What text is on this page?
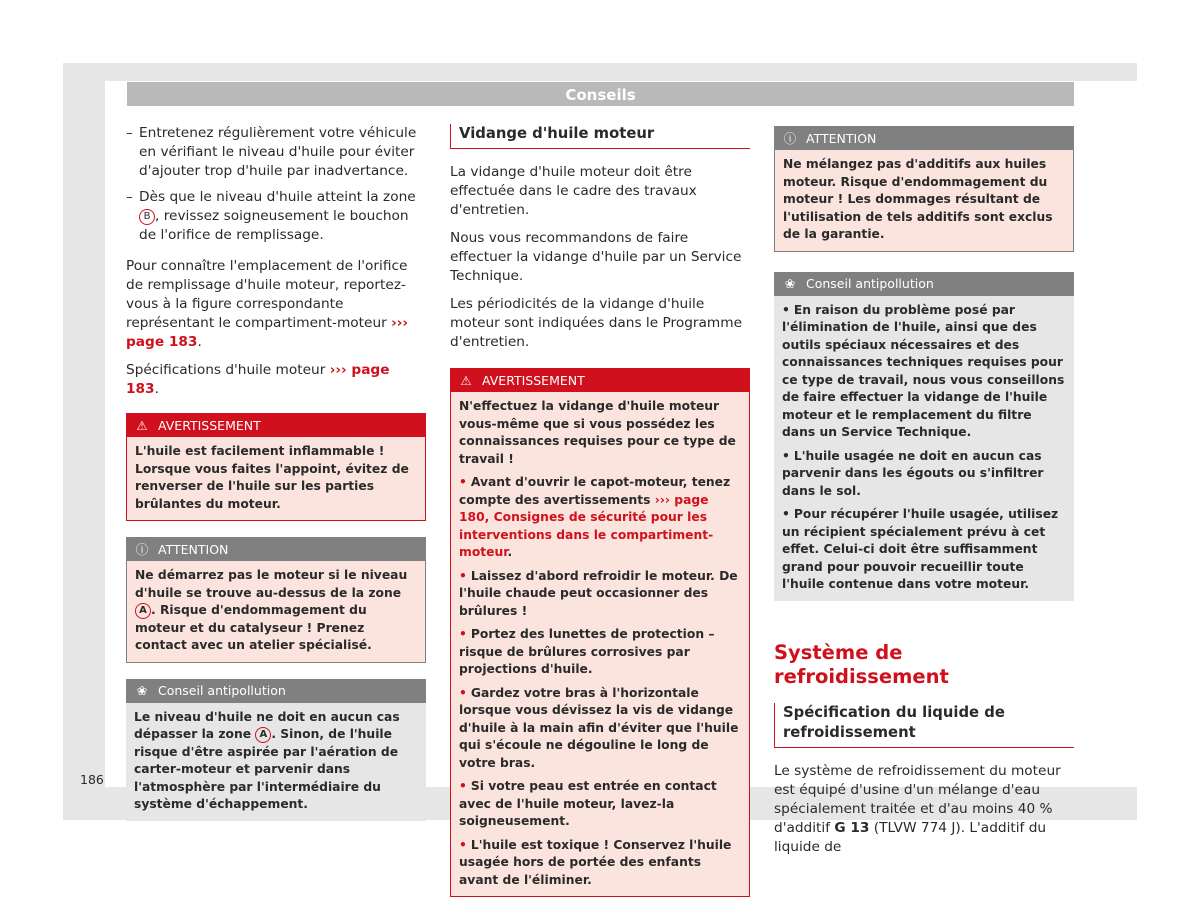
Conseils
– Entretenez régulièrement votre véhicule en vérifiant le niveau d'huile pour éviter d'ajouter trop d'huile par inadvertance.
– Dès que le niveau d'huile atteint la zone B , revissez soigneusement le bouchon de l'orifice de remplissage.

Pour connaître l'emplacement de l'orifice de remplissage d'huile moteur, reportez-vous à la figure correspondante représentant le compartiment-moteur ››› page 183.

Spécifications d'huile moteur ››› page 183.

⚠ AVERTISSEMENT
L'huile est facilement inflammable ! Lorsque vous faites l'appoint, évitez de renverser de l'huile sur les parties brûlantes du moteur.
ⓘ ATTENTION
Ne démarrez pas le moteur si le niveau d'huile se trouve au-dessus de la zone A . Risque d'endommagement du moteur et du catalyseur ! Prenez contact avec un atelier spécialisé.
❀ Conseil antipollution
Le niveau d'huile ne doit en aucun cas dépasser la zone A . Sinon, de l'huile risque d'être aspirée par l'aération de carter-moteur et parvenir dans l'atmosphère par l'intermédiaire du système d'échappement.
Vidange d'huile moteur

La vidange d'huile moteur doit être effectuée dans le cadre des travaux d'entretien.

Nous vous recommandons de faire effectuer la vidange d'huile par un Service Technique.

Les périodicités de la vidange d'huile moteur sont indiquées dans le Programme d'entretien.

⚠ AVERTISSEMENT
N'effectuez la vidange d'huile moteur vous-même que si vous possédez les connaissances requises pour ce type de travail !
• Avant d'ouvrir le capot-moteur, tenez compte des avertissements ››› page 180, Consignes de sécurité pour les interventions dans le compartiment-moteur.
• Laissez d'abord refroidir le moteur. De l'huile chaude peut occasionner des brûlures !
• Portez des lunettes de protection – risque de brûlures corrosives par projections d'huile.
• Gardez votre bras à l'horizontale lorsque vous dévissez la vis de vidange d'huile à la main afin d'éviter que l'huile qui s'écoule ne dégouline le long de votre bras.
• Si votre peau est entrée en contact avec de l'huile moteur, lavez-la soigneusement.
• L'huile est toxique ! Conservez l'huile usagée hors de portée des enfants avant de l'éliminer.
ⓘ ATTENTION
Ne mélangez pas d'additifs aux huiles moteur. Risque d'endommagement du moteur ! Les dommages résultant de l'utilisation de tels additifs sont exclus de la garantie.
❀ Conseil antipollution
• En raison du problème posé par l'élimination de l'huile, ainsi que des outils spéciaux nécessaires et des connaissances techniques requises pour ce type de travail, nous vous conseillons de faire effectuer la vidange de l'huile moteur et le remplacement du filtre dans un Service Technique.
• L'huile usagée ne doit en aucun cas parvenir dans les égouts ou s'infiltrer dans le sol.
• Pour récupérer l'huile usagée, utilisez un récipient spécialement prévu à cet effet. Celui-ci doit être suffisamment grand pour pouvoir recueillir toute l'huile contenue dans votre moteur.
Système de refroidissement
Spécification du liquide de refroidissement

Le système de refroidissement du moteur est équipé d'usine d'un mélange d'eau spécialement traitée et d'au moins 40 % d'additif G 13 (TLVW 774 J). L'additif du liquide de

186
